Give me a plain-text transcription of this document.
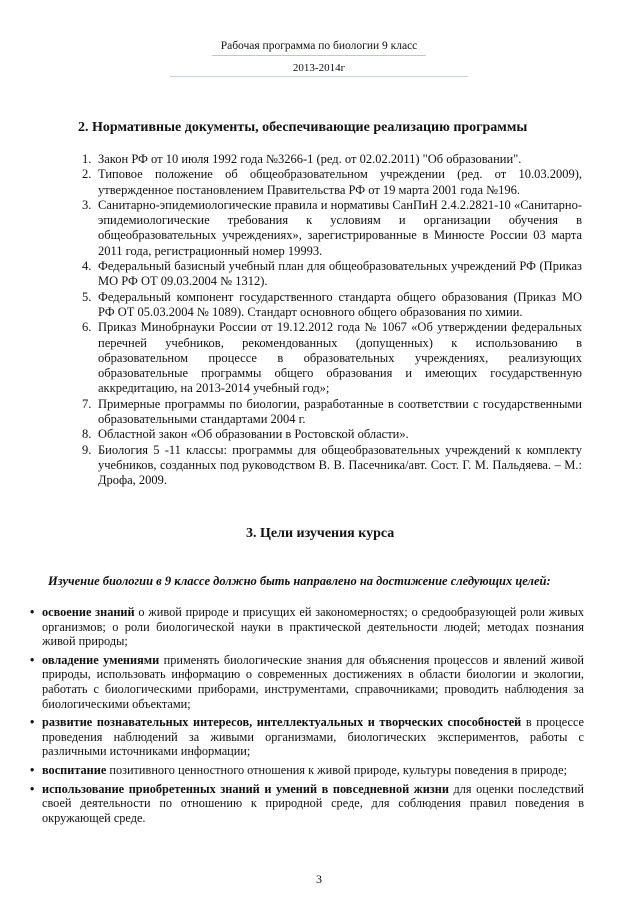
Рабочая программа по биологии 9 класс
2013-2014г
2. Нормативные документы, обеспечивающие реализацию программы
1. Закон РФ от 10 июля 1992 года №3266-1 (ред. от 02.02.2011) "Об образовании".
2. Типовое положение об общеобразовательном учреждении (ред. от 10.03.2009), утвержденное постановлением Правительства РФ от 19 марта 2001 года №196.
3. Санитарно-эпидемиологические правила и нормативы СанПиН 2.4.2.2821-10 «Санитарно-эпидемиологические требования к условиям и организации обучения в общеобразовательных учреждениях», зарегистрированные в Минюсте России 03 марта 2011 года, регистрационный номер 19993.
4. Федеральный базисный учебный план для общеобразовательных учреждений РФ (Приказ МО РФ ОТ 09.03.2004 № 1312).
5. Федеральный компонент государственного стандарта общего образования (Приказ МО РФ ОТ 05.03.2004 № 1089). Стандарт основного общего образования по химии.
6. Приказ Минобрнауки России от 19.12.2012 года № 1067 «Об утверждении федеральных перечней учебников, рекомендованных (допущенных) к использованию в образовательном процессе в образовательных учреждениях, реализующих образовательные программы общего образования и имеющих государственную аккредитацию, на 2013-2014 учебный год»;
7. Примерные программы по биологии, разработанные в соответствии с государственными образовательными стандартами 2004 г.
8. Областной закон «Об образовании в Ростовской области».
9. Биология 5 -11 классы: программы для общеобразовательных учреждений к комплекту учебников, созданных под руководством В. В. Пасечника/авт. Сост. Г. М. Пальдяева. – М.: Дрофа, 2009.
3. Цели изучения курса
Изучение биологии в 9 классе должно быть направлено на достижение следующих целей:
• освоение знаний о живой природе и присущих ей закономерностях; о средообразующей роли живых организмов; о роли биологической науки в практической деятельности людей; методах познания живой природы;
• овладение умениями применять биологические знания для объяснения процессов и явлений живой природы, использовать информацию о современных достижениях в области биологии и экологии, работать с биологическими приборами, инструментами, справочниками; проводить наблюдения за биологическими объектами;
• развитие познавательных интересов, интеллектуальных и творческих способностей в процессе проведения наблюдений за живыми организмами, биологических экспериментов, работы с различными источниками информации;
• воспитание позитивного ценностного отношения к живой природе, культуры поведения в природе;
• использование приобретенных знаний и умений в повседневной жизни для оценки последствий своей деятельности по отношению к природной среде, для соблюдения правил поведения в окружающей среде.
3
